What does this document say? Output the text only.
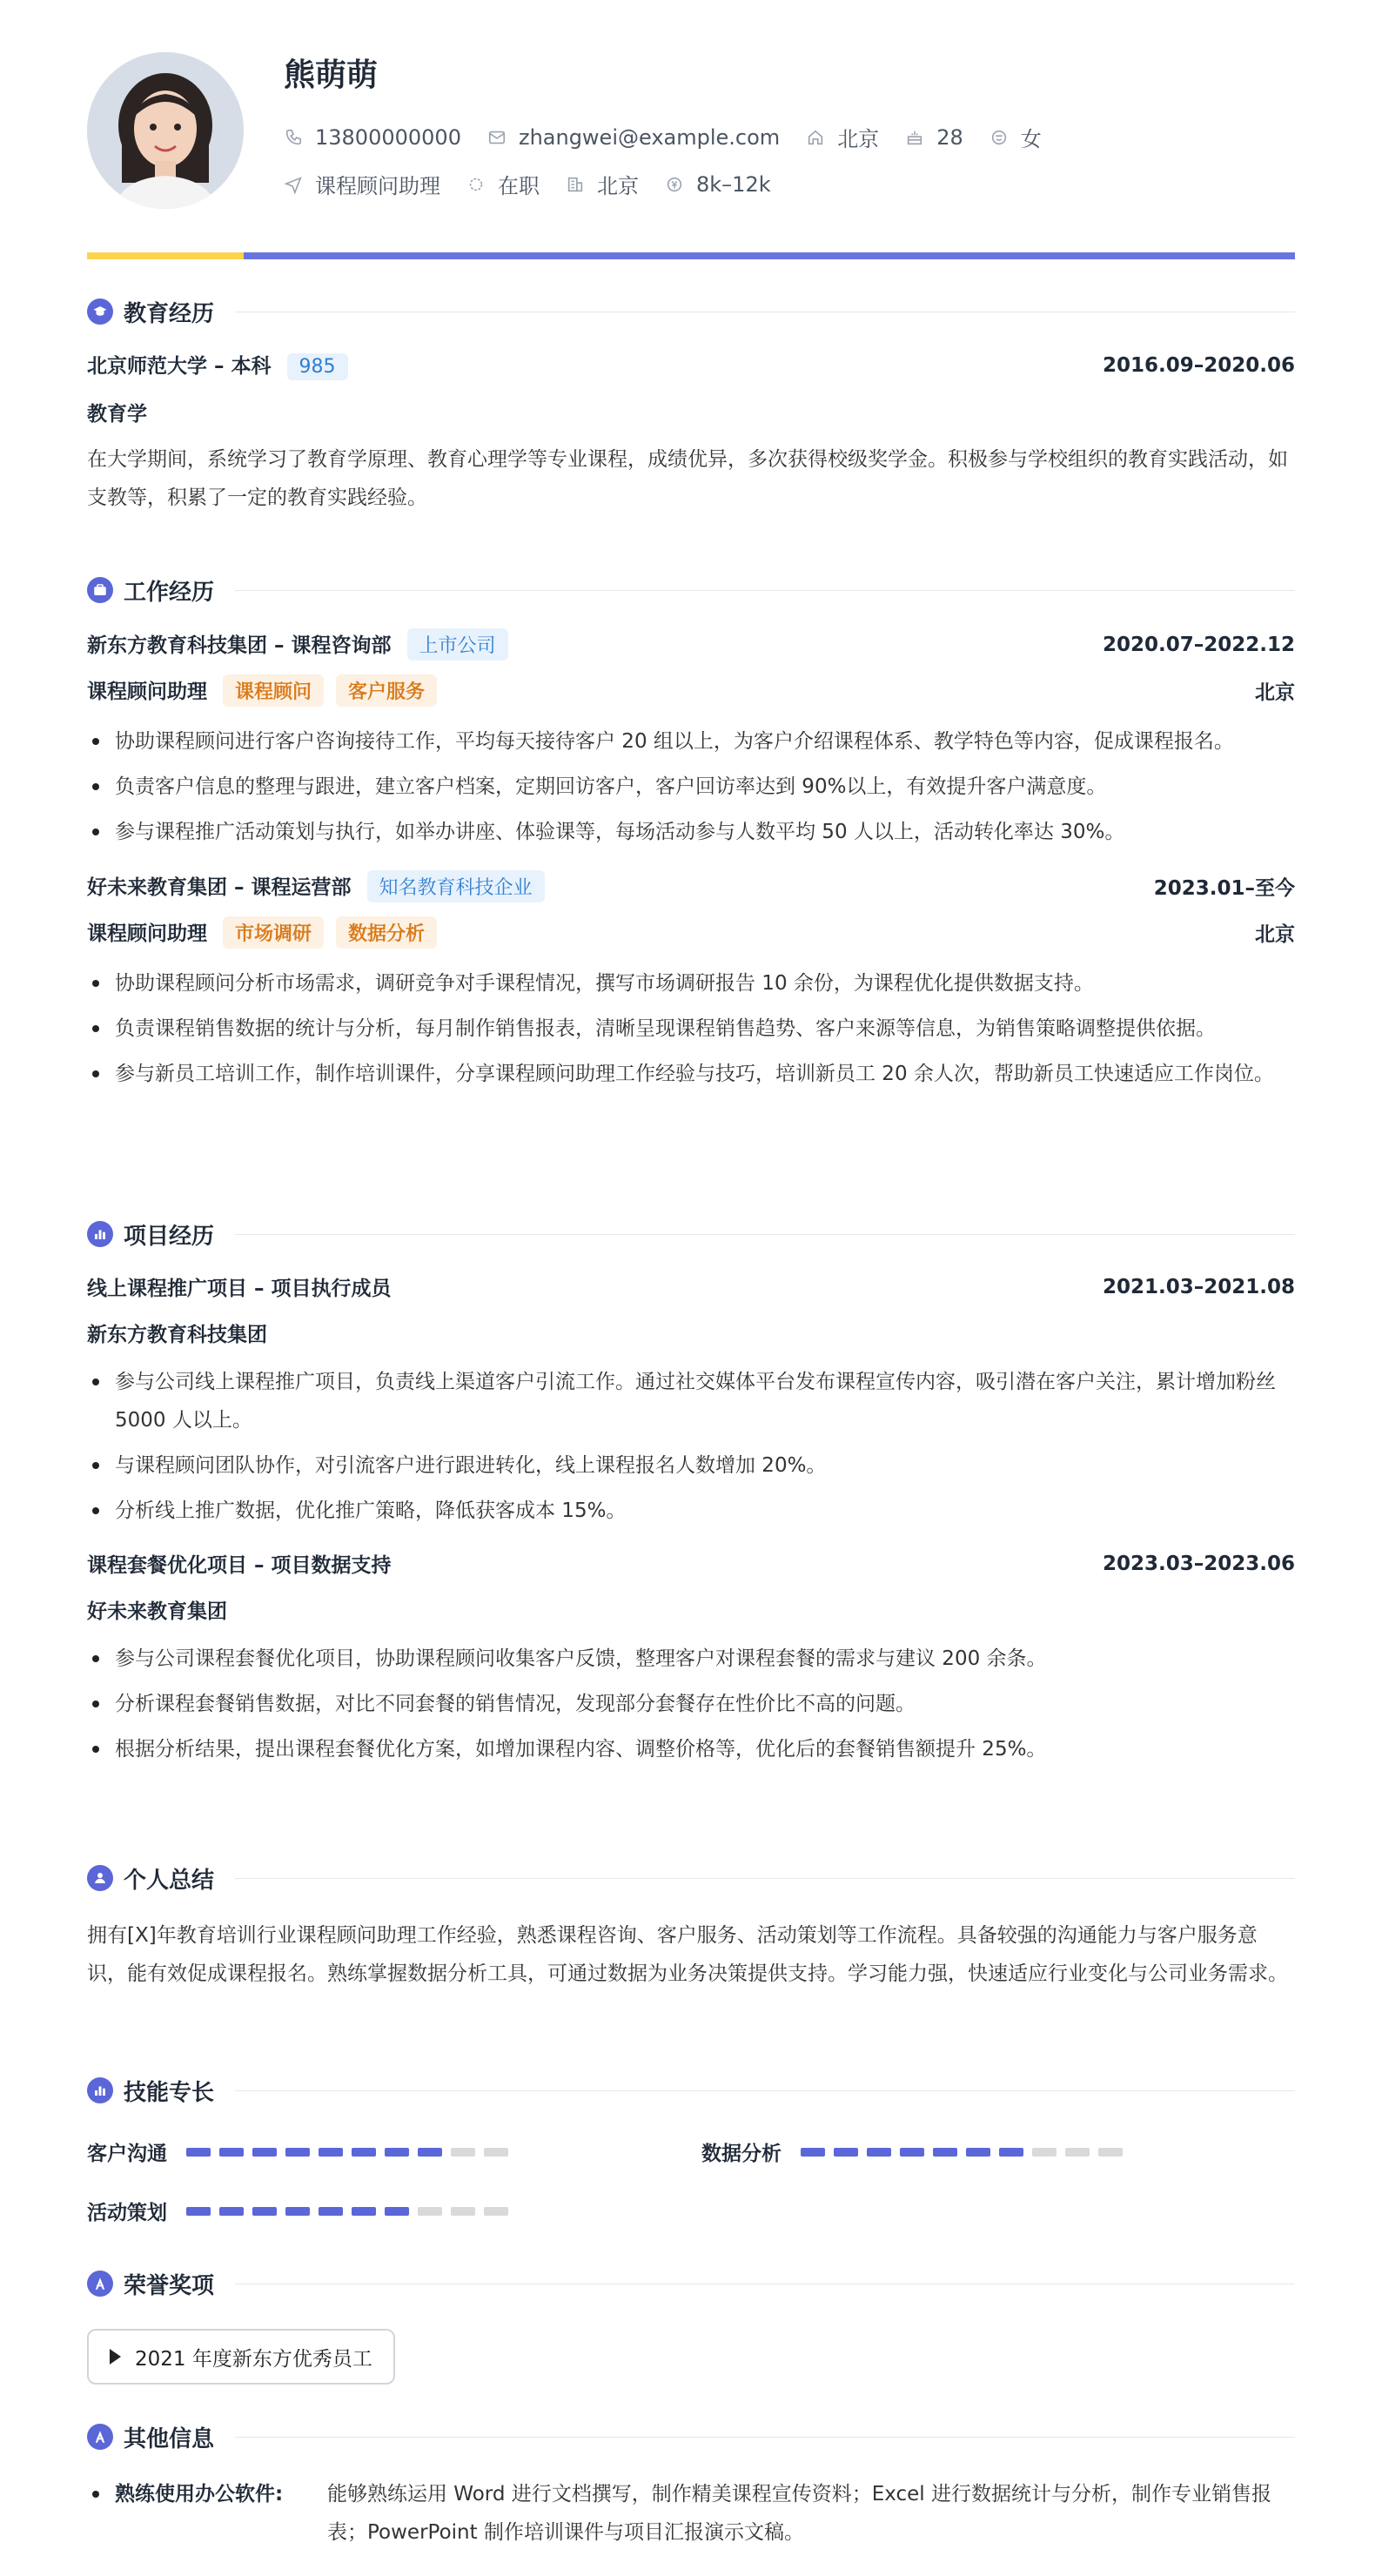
熊萌萌
13800000000	zhangwei@example.com	北京	28	女
课程顾问助理	在职	北京	8k–12k
教育经历
北京师范大学 – 本科 985	2016.09–2020.06
教育学
在大学期间，系统学习了教育学原理、教育心理学等专业课程，成绩优异，多次获得校级奖学金。积极参与学校组织的教育实践活动，如支教等，积累了一定的教育实践经验。
工作经历
新东方教育科技集团 – 课程咨询部 上市公司	2020.07–2022.12
课程顾问助理 课程顾问 客户服务	北京
协助课程顾问进行客户咨询接待工作，平均每天接待客户 20 组以上，为客户介绍课程体系、教学特色等内容，促成课程报名。
负责客户信息的整理与跟进，建立客户档案，定期回访客户，客户回访率达到 90%以上，有效提升客户满意度。
参与课程推广活动策划与执行，如举办讲座、体验课等，每场活动参与人数平均 50 人以上，活动转化率达 30%。
好未来教育集团 – 课程运营部 知名教育科技企业	2023.01–至今
课程顾问助理 市场调研 数据分析	北京
协助课程顾问分析市场需求，调研竞争对手课程情况，撰写市场调研报告 10 余份，为课程优化提供数据支持。
负责课程销售数据的统计与分析，每月制作销售报表，清晰呈现课程销售趋势、客户来源等信息，为销售策略调整提供依据。
参与新员工培训工作，制作培训课件，分享课程顾问助理工作经验与技巧，培训新员工 20 余人次，帮助新员工快速适应工作岗位。
项目经历
线上课程推广项目 – 项目执行成员	2021.03–2021.08
新东方教育科技集团
参与公司线上课程推广项目，负责线上渠道客户引流工作。通过社交媒体平台发布课程宣传内容，吸引潜在客户关注，累计增加粉丝 5000 人以上。
与课程顾问团队协作，对引流客户进行跟进转化，线上课程报名人数增加 20%。
分析线上推广数据，优化推广策略，降低获客成本 15%。
课程套餐优化项目 – 项目数据支持	2023.03–2023.06
好未来教育集团
参与公司课程套餐优化项目，协助课程顾问收集客户反馈，整理客户对课程套餐的需求与建议 200 余条。
分析课程套餐销售数据，对比不同套餐的销售情况，发现部分套餐存在性价比不高的问题。
根据分析结果，提出课程套餐优化方案，如增加课程内容、调整价格等，优化后的套餐销售额提升 25%。
个人总结
拥有[X]年教育培训行业课程顾问助理工作经验，熟悉课程咨询、客户服务、活动策划等工作流程。具备较强的沟通能力与客户服务意识，能有效促成课程报名。熟练掌握数据分析工具，可通过数据为业务决策提供支持。学习能力强，快速适应行业变化与公司业务需求。
技能专长
客户沟通	数据分析
活动策划
荣誉奖项
2021 年度新东方优秀员工
其他信息
熟练使用办公软件:	能够熟练运用 Word 进行文档撰写，制作精美课程宣传资料；Excel 进行数据统计与分析，制作专业销售报表；PowerPoint 制作培训课件与项目汇报演示文稿。
